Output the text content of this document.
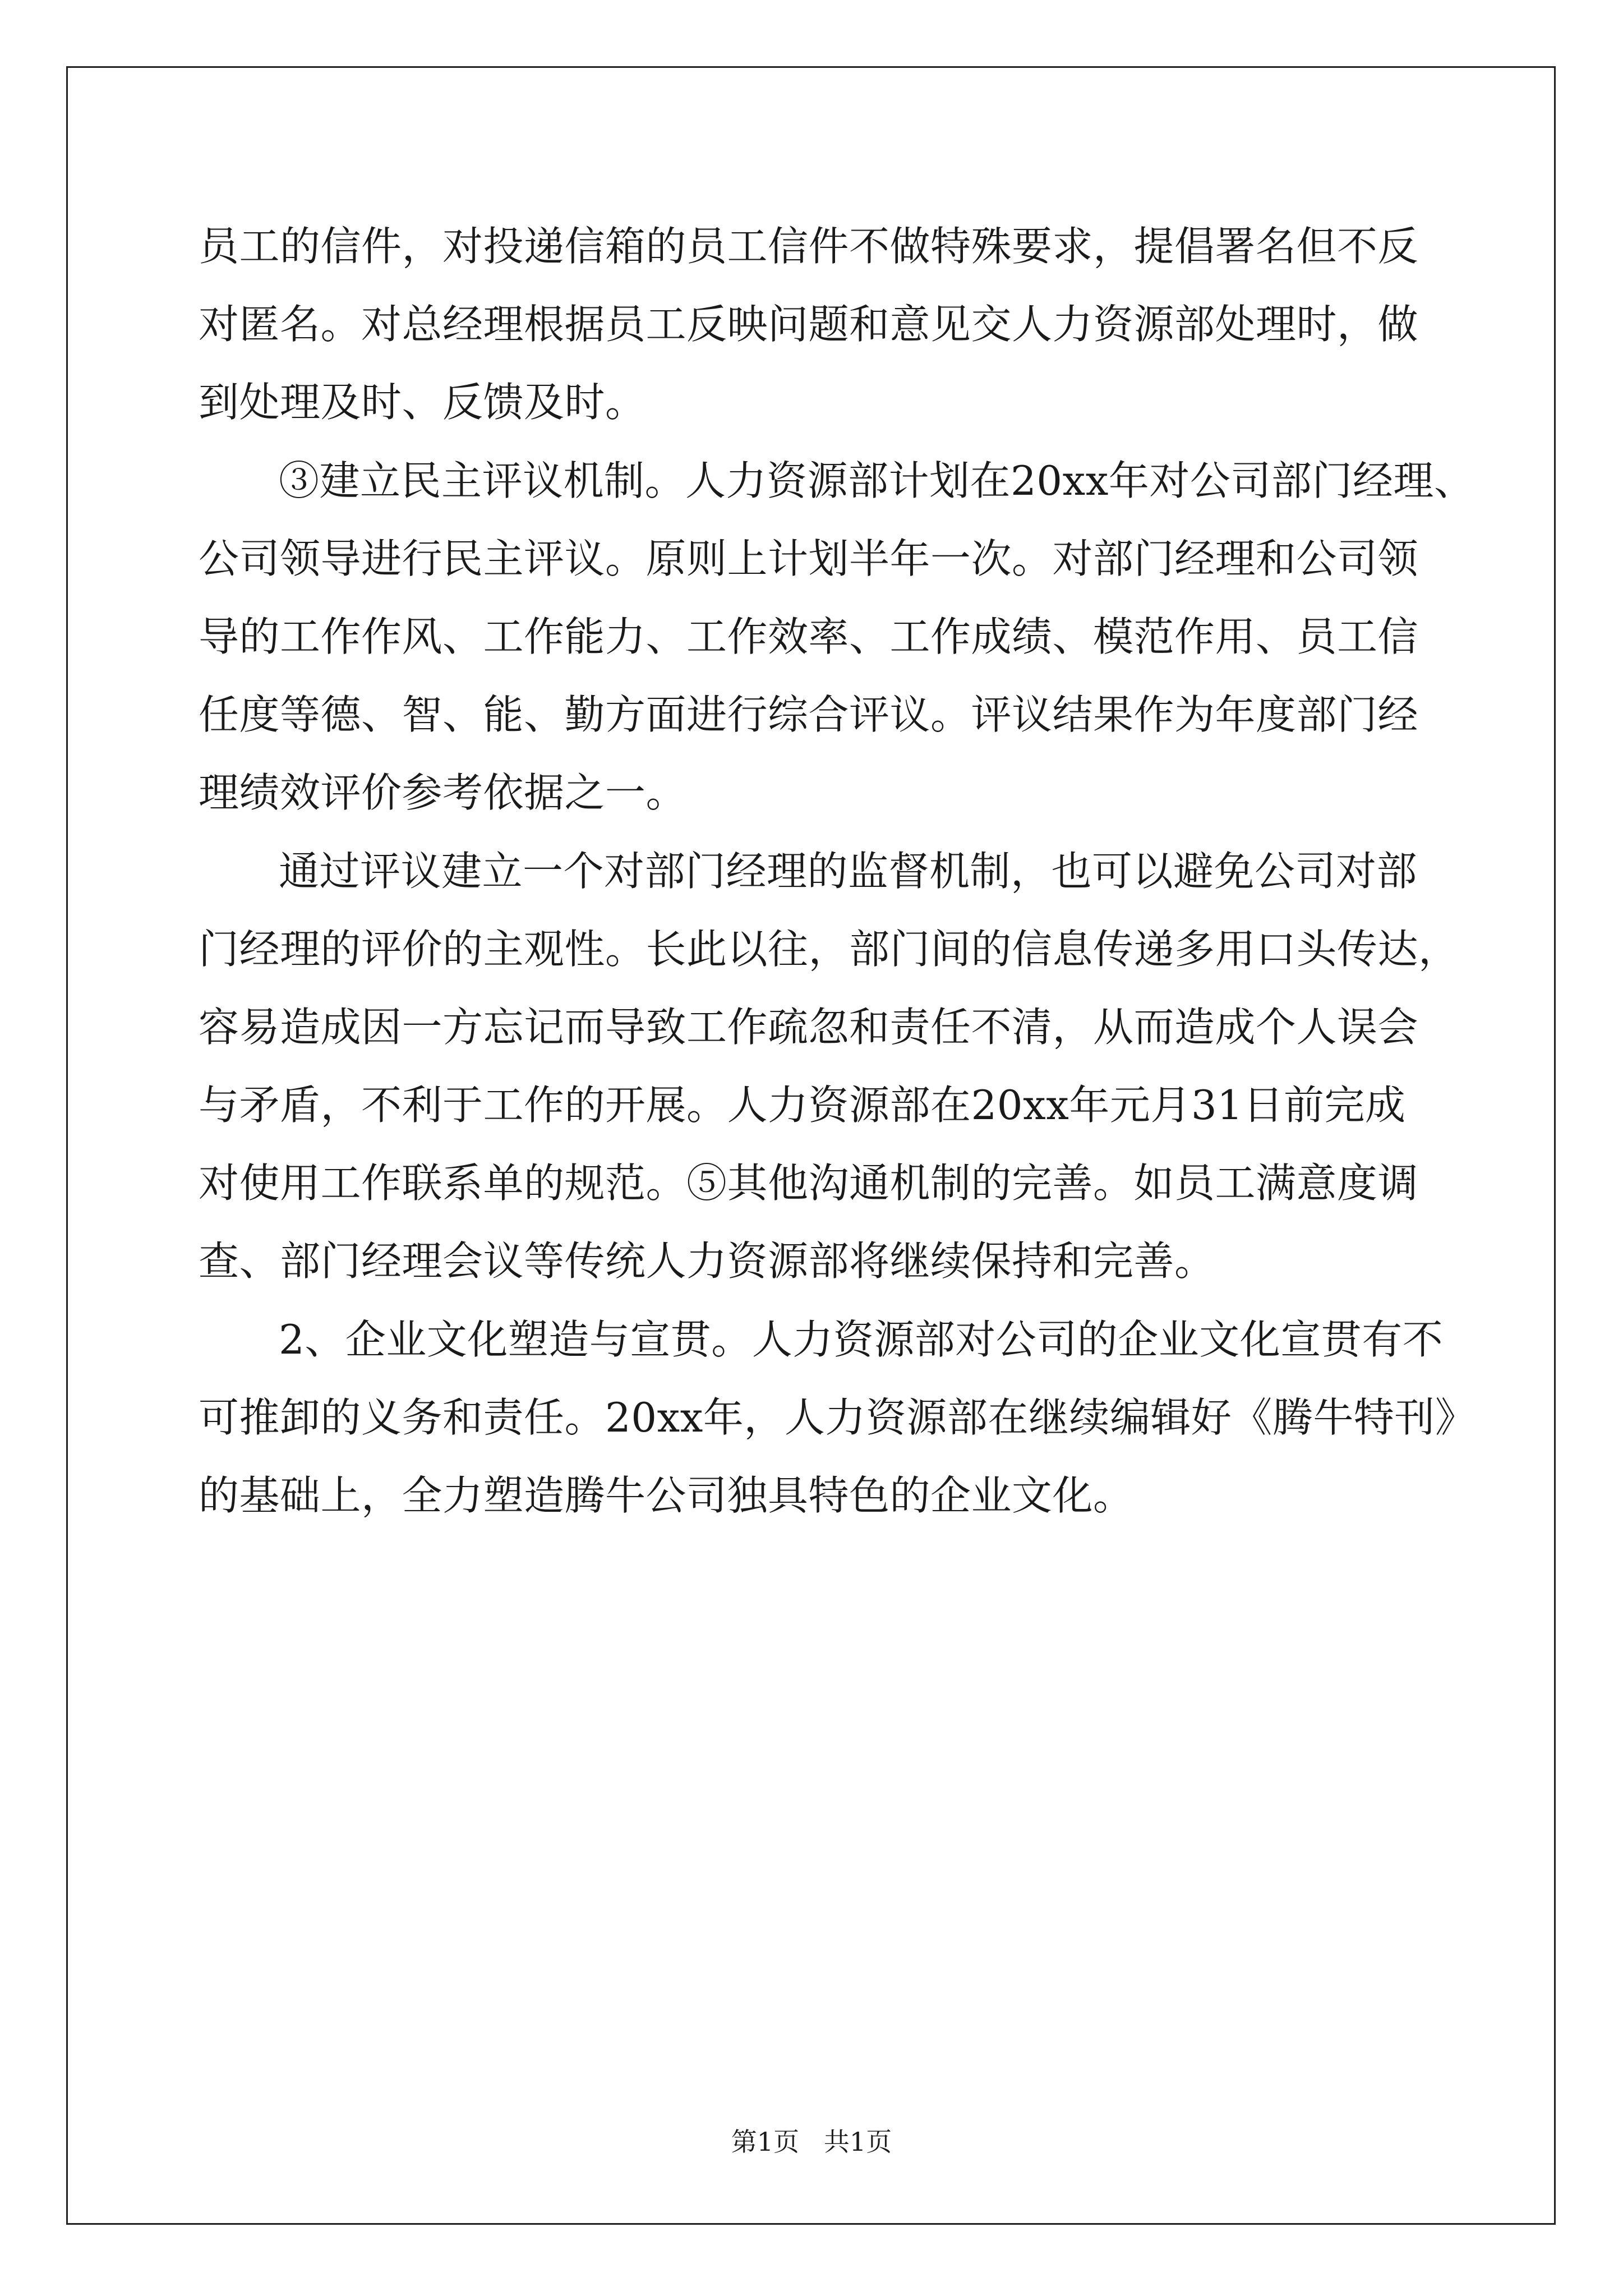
员工的信件，对投递信箱的员工信件不做特殊要求，提倡署名但不反
对匿名。对总经理根据员工反映问题和意见交人力资源部处理时，做
到处理及时、反馈及时。
③建立民主评议机制。人力资源部计划在20xx年对公司部门经理、
公司领导进行民主评议。原则上计划半年一次。对部门经理和公司领
导的工作作风、工作能力、工作效率、工作成绩、模范作用、员工信
任度等德、智、能、勤方面进行综合评议。评议结果作为年度部门经
理绩效评价参考依据之一。
通过评议建立一个对部门经理的监督机制，也可以避免公司对部
门经理的评价的主观性。长此以往，部门间的信息传递多用口头传达，
容易造成因一方忘记而导致工作疏忽和责任不清，从而造成个人误会
与矛盾，不利于工作的开展。人力资源部在20xx年元月31日前完成
对使用工作联系单的规范。⑤其他沟通机制的完善。如员工满意度调
查、部门经理会议等传统人力资源部将继续保持和完善。
2、企业文化塑造与宣贯。人力资源部对公司的企业文化宣贯有不
可推卸的义务和责任。20xx年，人力资源部在继续编辑好《腾牛特刊》
的基础上，全力塑造腾牛公司独具特色的企业文化。
第1页   共1页
